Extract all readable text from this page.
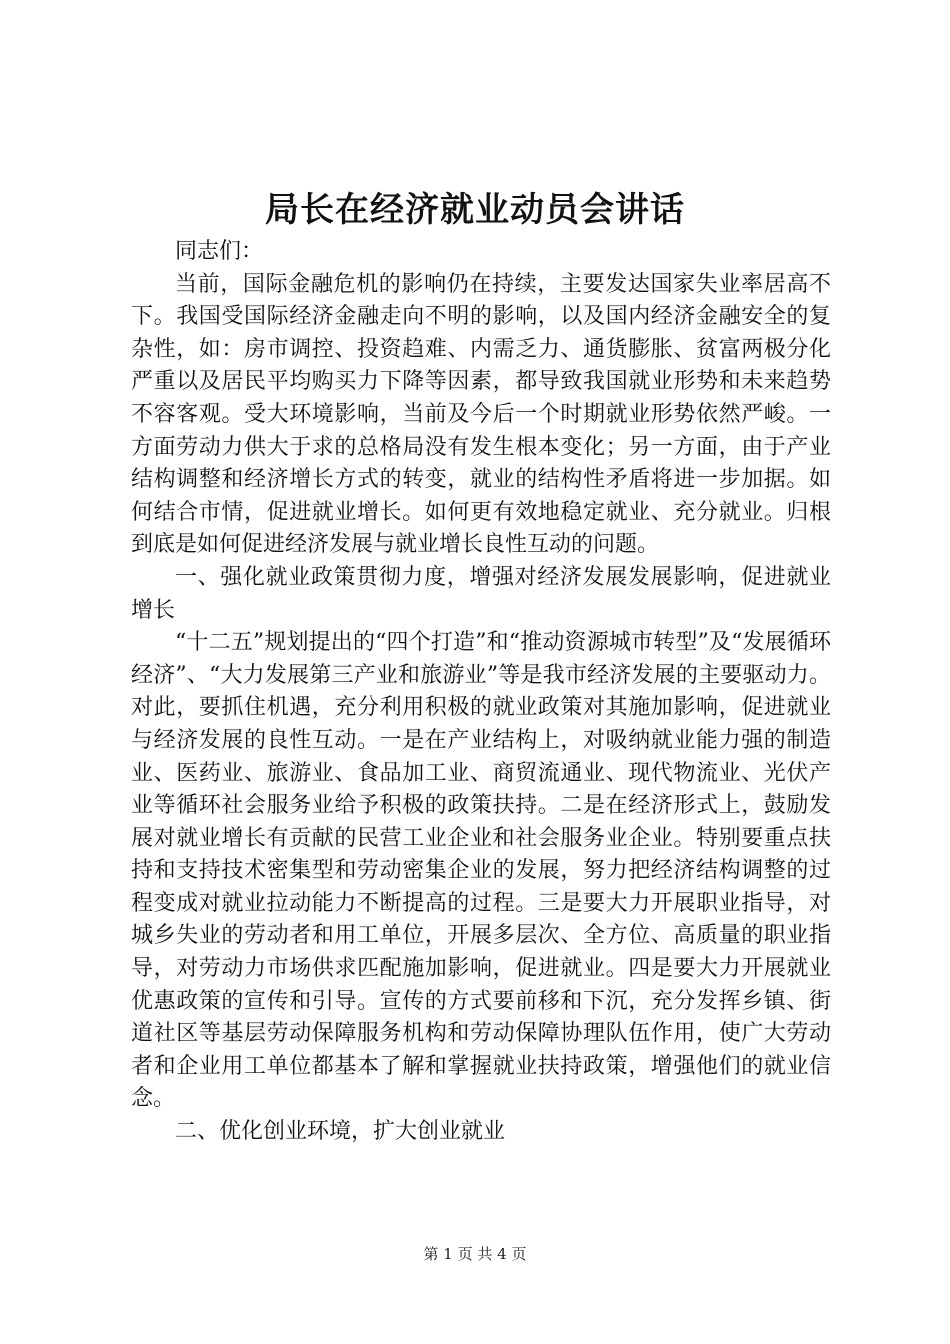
局长在经济就业动员会讲话

同志们：

当前，国际金融危机的影响仍在持续，主要发达国家失业率居高不下。我国受国际经济金融走向不明的影响，以及国内经济金融安全的复杂性，如：房市调控、投资趋难、内需乏力、通货膨胀、贫富两极分化严重以及居民平均购买力下降等因素，都导致我国就业形势和未来趋势不容客观。受大环境影响，当前及今后一个时期就业形势依然严峻。一方面劳动力供大于求的总格局没有发生根本变化；另一方面，由于产业结构调整和经济增长方式的转变，就业的结构性矛盾将进一步加据。如何结合市情，促进就业增长。如何更有效地稳定就业、充分就业。归根到底是如何促进经济发展与就业增长良性互动的问题。

一、强化就业政策贯彻力度，增强对经济发展发展影响，促进就业增长

“十二五”规划提出的“四个打造”和“推动资源城市转型”及“发展循环经济”、“大力发展第三产业和旅游业”等是我市经济发展的主要驱动力。对此，要抓住机遇，充分利用积极的就业政策对其施加影响，促进就业与经济发展的良性互动。一是在产业结构上，对吸纳就业能力强的制造业、医药业、旅游业、食品加工业、商贸流通业、现代物流业、光伏产业等循环社会服务业给予积极的政策扶持。二是在经济形式上，鼓励发展对就业增长有贡献的民营工业企业和社会服务业企业。特别要重点扶持和支持技术密集型和劳动密集企业的发展，努力把经济结构调整的过程变成对就业拉动能力不断提高的过程。三是要大力开展职业指导，对城乡失业的劳动者和用工单位，开展多层次、全方位、高质量的职业指导，对劳动力市场供求匹配施加影响，促进就业。四是要大力开展就业优惠政策的宣传和引导。宣传的方式要前移和下沉，充分发挥乡镇、街道社区等基层劳动保障服务机构和劳动保障协理队伍作用，使广大劳动者和企业用工单位都基本了解和掌握就业扶持政策，增强他们的就业信念。

二、优化创业环境，扩大创业就业

第 1 页 共 4 页
